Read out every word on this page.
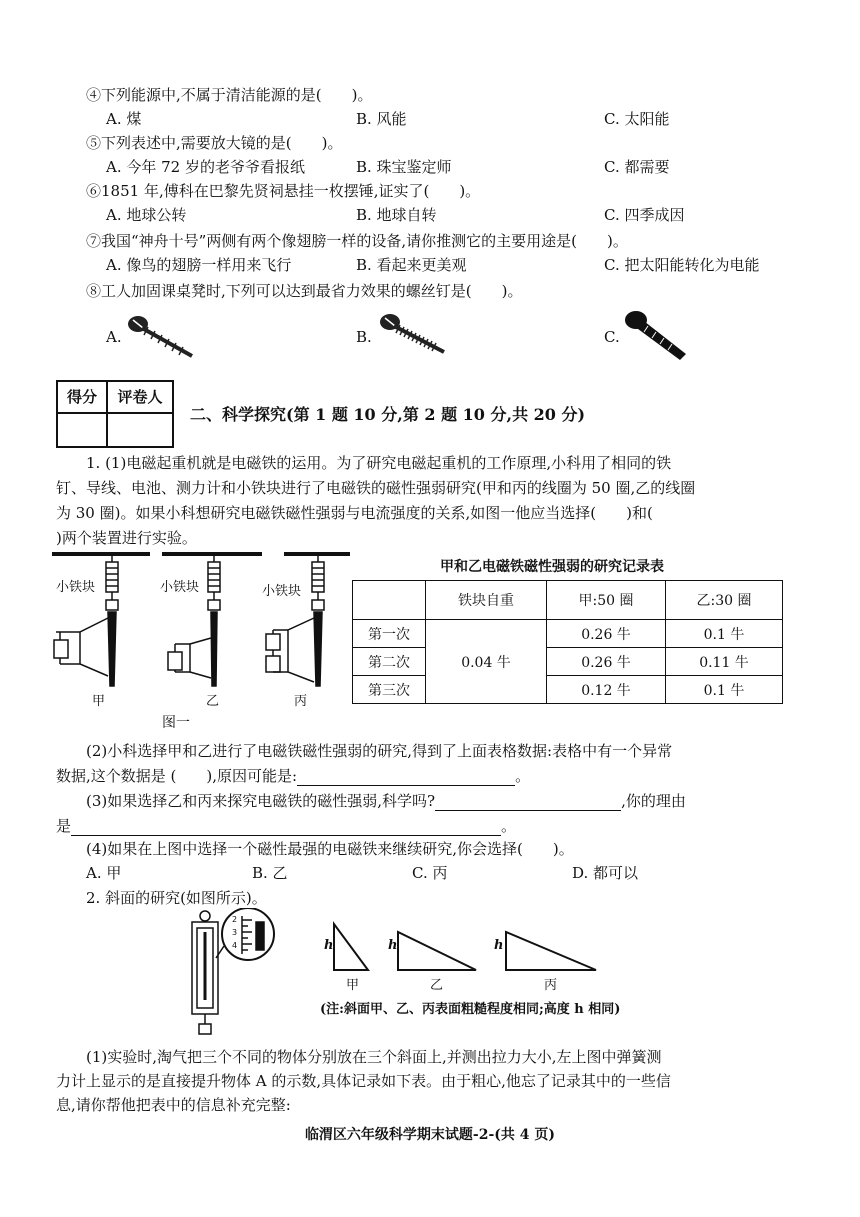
④下列能源中,不属于清洁能源的是(　　)。
A. 煤	B. 风能	C. 太阳能
⑤下列表述中,需要放大镜的是(　　)。
A. 今年 72 岁的老爷爷看报纸	B. 珠宝鉴定师	C. 都需要
⑥1851 年,傅科在巴黎先贤祠悬挂一枚摆锤,证实了(　　)。
A. 地球公转	B. 地球自转	C. 四季成因
⑦我国“神舟十号”两侧有两个像翅膀一样的设备,请你推测它的主要用途是(　　)。
A. 像鸟的翅膀一样用来飞行	B. 看起来更美观	C. 把太阳能转化为电能
⑧工人加固课桌凳时,下列可以达到最省力效果的螺丝钉是(　　)。
A.	B.	C.
得分	评卷人
二、科学探究(第 1 题 10 分,第 2 题 10 分,共 20 分)
1. (1)电磁起重机就是电磁铁的运用。为了研究电磁起重机的工作原理,小科用了相同的铁
钉、导线、电池、测力计和小铁块进行了电磁铁的磁性强弱研究(甲和丙的线圈为 50 圈,乙的线圈
为 30 圈)。如果小科想研究电磁铁磁性强弱与电流强度的关系,如图一他应当选择(　　)和(
)两个装置进行实验。
小铁块	小铁块	小铁块
甲	乙	丙
图一
甲和乙电磁铁磁性强弱的研究记录表
	铁块自重	甲:50 圈	乙:30 圈
第一次	0.04 牛	0.26 牛	0.1 牛
第二次		0.26 牛	0.11 牛
第三次		0.12 牛	0.1 牛
(2)小科选择甲和乙进行了电磁铁磁性强弱的研究,得到了上面表格数据:表格中有一个异常
数据,这个数据是 (　　),原因可能是:	。
(3)如果选择乙和丙来探究电磁铁的磁性强弱,科学吗?	,你的理由
是	。
(4)如果在上图中选择一个磁性最强的电磁铁来继续研究,你会选择(　　)。
A. 甲	B. 乙	C. 丙	D. 都可以
2. 斜面的研究(如图所示)。
2
3
4	h	h	h
甲	乙	丙
(注:斜面甲、乙、丙表面粗糙程度相同;高度 h 相同)
(1)实验时,淘气把三个不同的物体分别放在三个斜面上,并测出拉力大小,左上图中弹簧测
力计上显示的是直接提升物体 A 的示数,具体记录如下表。由于粗心,他忘了记录其中的一些信
息,请你帮他把表中的信息补充完整:
临渭区六年级科学期末试题-2-(共 4 页)
